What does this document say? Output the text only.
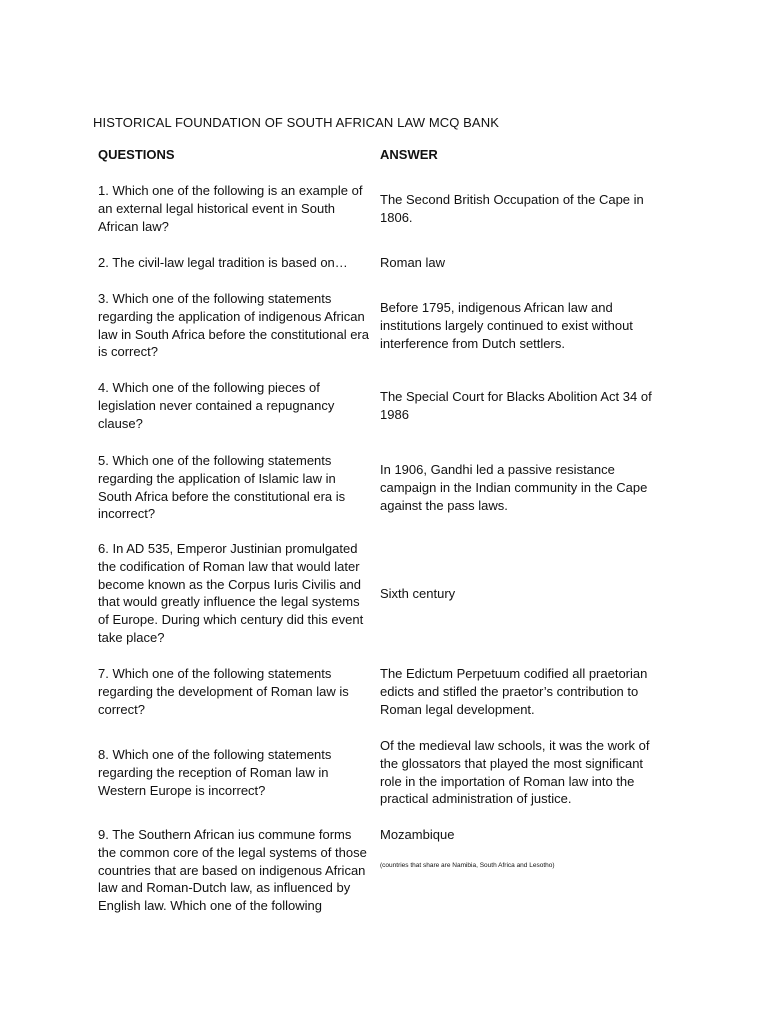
HISTORICAL FOUNDATION OF SOUTH AFRICAN LAW MCQ BANK
QUESTIONS	ANSWER
1. Which one of the following is an example of an external legal historical event in South African law?
The Second British Occupation of the Cape in 1806.
2. The civil-law legal tradition is based on…	Roman law
3. Which one of the following statements regarding the application of indigenous African law in South Africa before the constitutional era is correct?
Before 1795, indigenous African law and institutions largely continued to exist without interference from Dutch settlers.
4. Which one of the following pieces of legislation never contained a repugnancy clause?
The Special Court for Blacks Abolition Act 34 of 1986
5. Which one of the following statements regarding the application of Islamic law in South Africa before the constitutional era is incorrect?
In 1906, Gandhi led a passive resistance campaign in the Indian community in the Cape against the pass laws.
6. In AD 535, Emperor Justinian promulgated the codification of Roman law that would later become known as the Corpus Iuris Civilis and that would greatly influence the legal systems of Europe. During which century did this event take place?
Sixth century
7. Which one of the following statements regarding the development of Roman law is correct?
The Edictum Perpetuum codified all praetorian edicts and stifled the praetor’s contribution to Roman legal development.
8. Which one of the following statements regarding the reception of Roman law in Western Europe is incorrect?
Of the medieval law schools, it was the work of the glossators that played the most significant role in the importation of Roman law into the practical administration of justice.
9. The Southern African ius commune forms the common core of the legal systems of those countries that are based on indigenous African law and Roman-Dutch law, as influenced by English law. Which one of the following
Mozambique
(countries that share are Namibia, South Africa and Lesotho)
